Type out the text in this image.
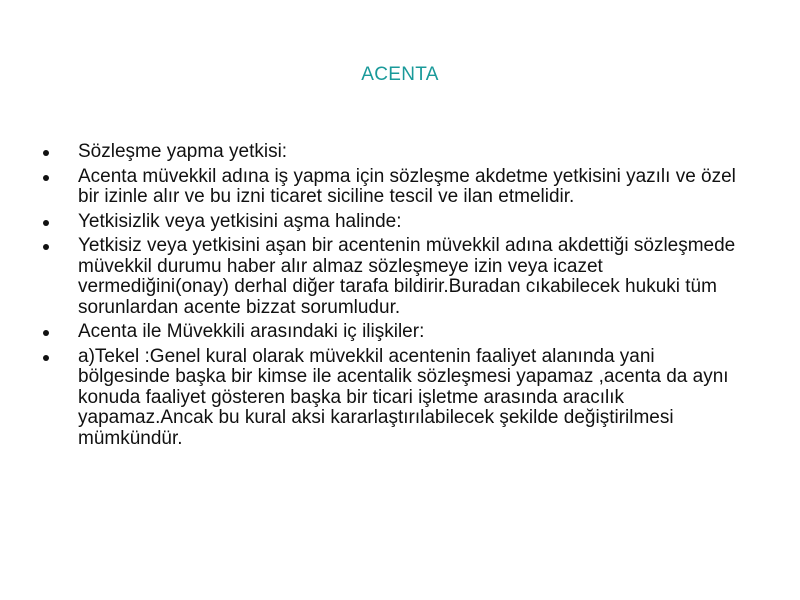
ACENTA
Sözleşme yapma yetkisi:
Acenta müvekkil adına iş yapma için sözleşme akdetme yetkisini yazılı ve özel bir izinle alır ve bu izni ticaret siciline tescil ve ilan etmelidir.
Yetkisizlik veya yetkisini aşma halinde:
Yetkisiz veya yetkisini aşan bir acentenin müvekkil adına akdettiği sözleşmede müvekkil durumu haber alır almaz sözleşmeye izin veya icazet vermediğini(onay) derhal diğer tarafa bildirir.Buradan cıkabilecek hukuki tüm sorunlardan acente bizzat sorumludur.
Acenta ile Müvekkili arasındaki iç ilişkiler:
a)Tekel :Genel kural olarak müvekkil acentenin faaliyet alanında yani bölgesinde başka bir kimse ile acentalik sözleşmesi yapamaz ,acenta da aynı konuda faaliyet gösteren başka bir ticari işletme arasında aracılık yapamaz.Ancak bu kural aksi kararlaştırılabilecek şekilde değiştirilmesi mümkündür.
